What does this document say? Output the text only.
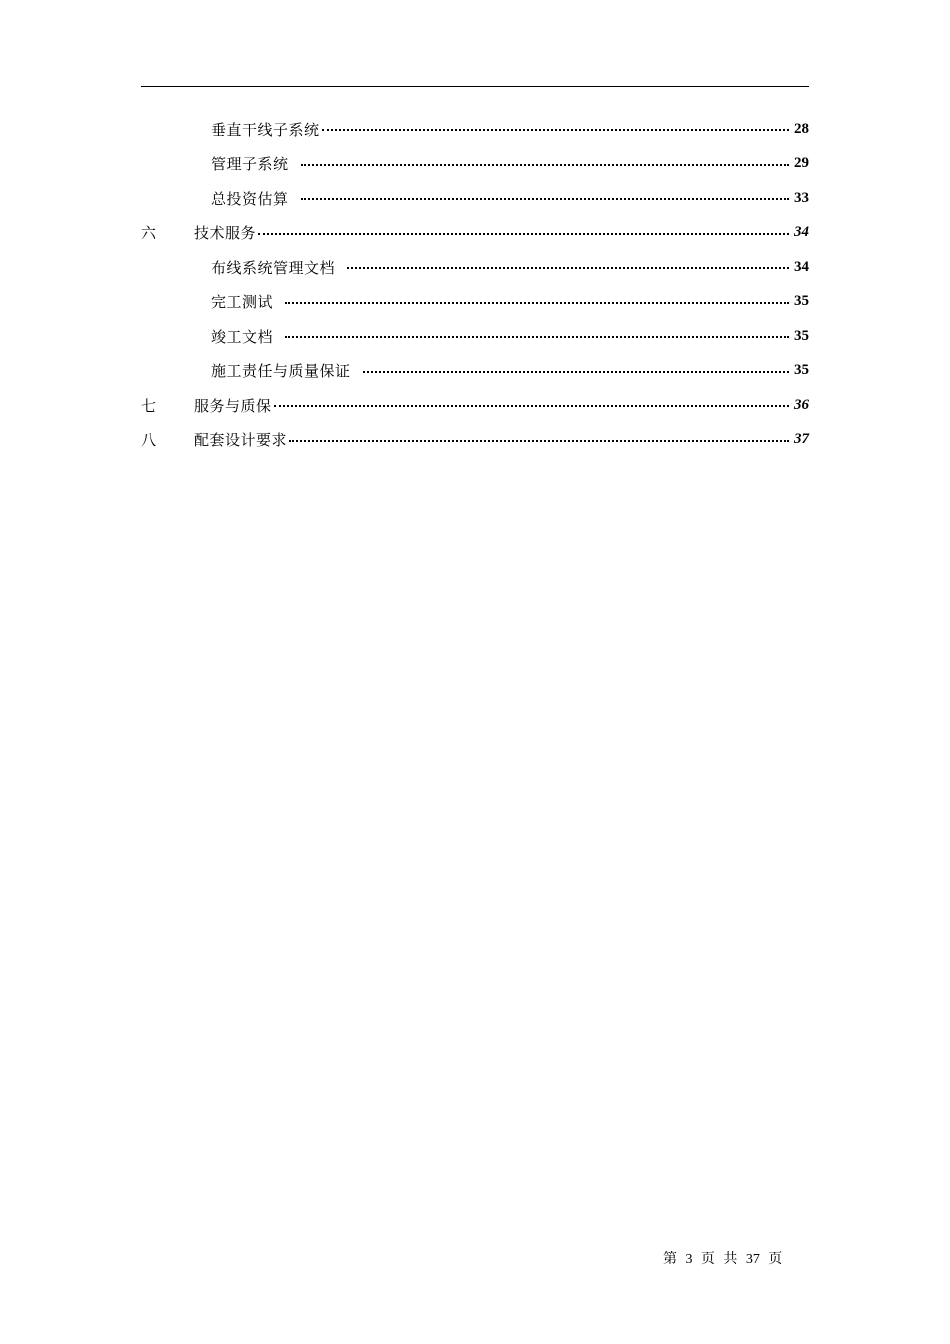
垂直干线子系统	28
管理子系统	29
总投资估算	33
六	技术服务	34
布线系统管理文档	34
完工测试	35
竣工文档	35
施工责任与质量保证	35
七	服务与质保	36
八	配套设计要求	37
第 3 页 共 37 页
